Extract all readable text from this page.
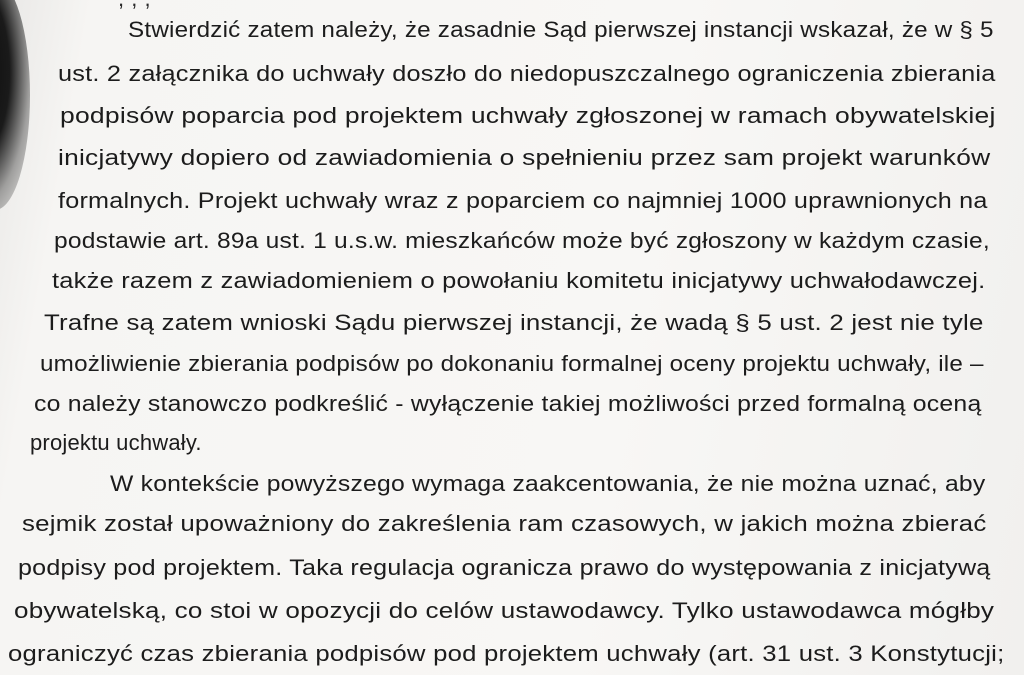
Stwierdzić zatem należy, że zasadnie Sąd pierwszej instancji wskazał, że w § 5
ust. 2 załącznika do uchwały doszło do niedopuszczalnego ograniczenia zbierania
podpisów poparcia pod projektem uchwały zgłoszonej w ramach obywatelskiej
inicjatywy dopiero od zawiadomienia o spełnieniu przez sam projekt warunków
formalnych. Projekt uchwały wraz z poparciem co najmniej 1000 uprawnionych na
podstawie art. 89a ust. 1 u.s.w. mieszkańców może być zgłoszony w każdym czasie,
także razem z zawiadomieniem o powołaniu komitetu inicjatywy uchwałodawczej.
Trafne są zatem wnioski Sądu pierwszej instancji, że wadą § 5 ust. 2 jest nie tyle
umożliwienie zbierania podpisów po dokonaniu formalnej oceny projektu uchwały, ile –
co należy stanowczo podkreślić - wyłączenie takiej możliwości przed formalną oceną
projektu uchwały.
W kontekście powyższego wymaga zaakcentowania, że nie można uznać, aby
sejmik został upoważniony do zakreślenia ram czasowych, w jakich można zbierać
podpisy pod projektem. Taka regulacja ogranicza prawo do występowania z inicjatywą
obywatelską, co stoi w opozycji do celów ustawodawcy. Tylko ustawodawca mógłby
ograniczyć czas zbierania podpisów pod projektem uchwały (art. 31 ust. 3 Konstytucji;
